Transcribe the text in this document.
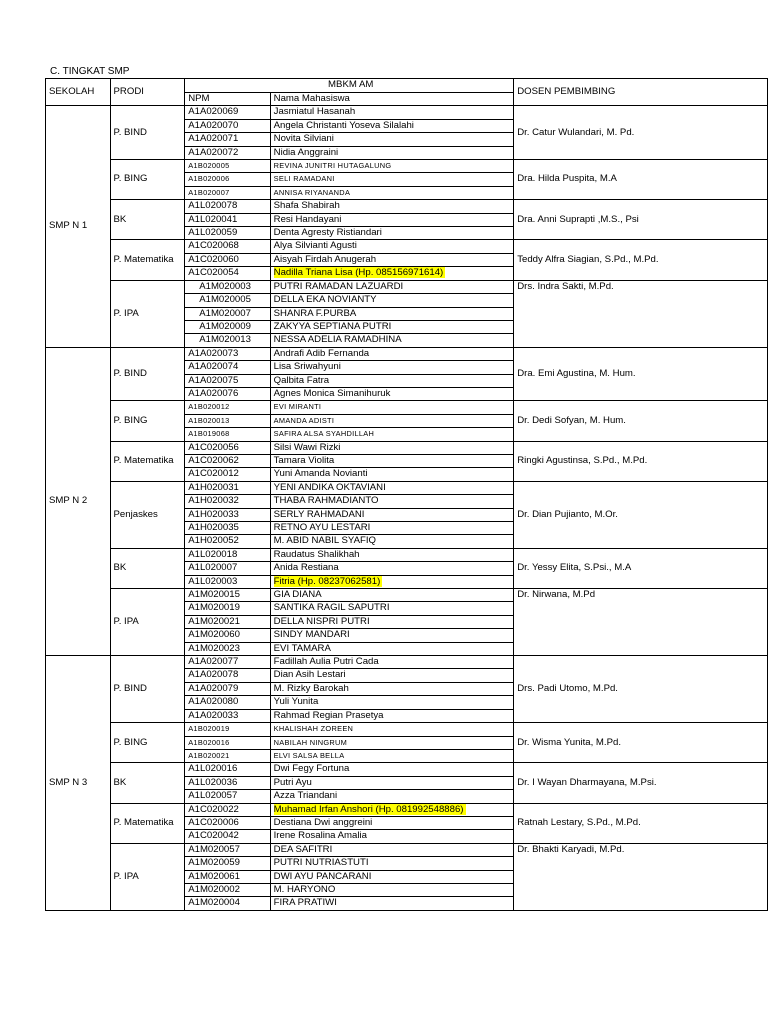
C. TINGKAT SMP
SEKOLAH	PRODI	MBKM AM		DOSEN PEMBIMBING
		NPM	Nama Mahasiswa	
SMP N 1	P. BIND	A1A020069	Jasmiatul Hasanah	Dr. Catur Wulandari, M. Pd.
		A1A020070	Angela Christanti Yoseva Silalahi	
		A1A020071	Novita Silviani	
		A1A020072	Nidia Anggraini	
	P. BING	A1B020005	REVINA JUNITRI HUTAGALUNG	Dra. Hilda Puspita, M.A
		A1B020006	SELI RAMADANI	
		A1B020007	ANNISA RIYANANDA	
	BK	A1L020078	Shafa Shabirah	Dra. Anni Suprapti ,M.S., Psi
		A1L020041	Resi Handayani	
		A1L020059	Denta Agresty Ristiandari	
	P. Matematika	A1C020068	Alya Silvianti Agusti	Teddy Alfra Siagian, S.Pd., M.Pd.
		A1C020060	Aisyah Firdah Anugerah	
		A1C020054	Nadilla Triana Lisa (Hp. 085156971614)	
	P. IPA	A1M020003	PUTRI RAMADAN LAZUARDI	Drs. Indra Sakti, M.Pd.
		A1M020005	DELLA EKA NOVIANTY	
		A1M020007	SHANRA F.PURBA	
		A1M020009	ZAKYYA SEPTIANA PUTRI	
		A1M020013	NESSA ADELIA RAMADHINA	
SMP N 2	P. BIND	A1A020073	Andrafi Adib Fernanda	Dra. Emi Agustina, M. Hum.
		A1A020074	Lisa Sriwahyuni	
		A1A020075	Qalbita Fatra	
		A1A020076	Agnes Monica Simanihuruk	
	P. BING	A1B020012	EVI MIRANTI	Dr. Dedi Sofyan, M. Hum.
		A1B020013	AMANDA ADISTI	
		A1B019068	SAFIRA ALSA SYAHDILLAH	
	P. Matematika	A1C020056	Silsi Wawi Rizki	Ringki Agustinsa, S.Pd., M.Pd.
		A1C020062	Tamara Violita	
		A1C020012	Yuni Amanda Novianti	
	Penjaskes	A1H020031	YENI ANDIKA OKTAVIANI	Dr. Dian Pujianto, M.Or.
		A1H020032	THABA RAHMADIANTO	
		A1H020033	SERLY RAHMADANI	
		A1H020035	RETNO AYU LESTARI	
		A1H020052	M. ABID NABIL SYAFIQ	
	BK	A1L020018	Raudatus Shalikhah	Dr. Yessy Elita, S.Psi., M.A
		A1L020007	Anida Restiana	
		A1L020003	Fitria (Hp. 08237062581)	
	P. IPA	A1M020015	GIA DIANA	Dr. Nirwana, M.Pd
		A1M020019	SANTIKA RAGIL SAPUTRI	
		A1M020021	DELLA NISPRI PUTRI	
		A1M020060	SINDY MANDARI	
		A1M020023	EVI TAMARA	
SMP N 3	P. BIND	A1A020077	Fadillah Aulia Putri Cada	Drs. Padi Utomo, M.Pd.
		A1A020078	Dian Asih Lestari	
		A1A020079	M. Rizky Barokah	
		A1A020080	Yuli Yunita	
		A1A020033	Rahmad Regian Prasetya	
	P. BING	A1B020019	KHALISHAH ZOREEN	Dr. Wisma Yunita, M.Pd.
		A1B020016	NABILAH NINGRUM	
		A1B020021	ELVI SALSA BELLA	
	BK	A1L020016	Dwi Fegy Fortuna	Dr. I Wayan Dharmayana, M.Psi.
		A1L020036	Putri Ayu	
		A1L020057	Azza Triandani	
	P. Matematika	A1C020022	Muhamad Irfan Anshori (Hp. 081992548886)	Ratnah Lestary, S.Pd., M.Pd.
		A1C020006	Destiana Dwi anggreini	
		A1C020042	Irene Rosalina Amalia	
	P. IPA	A1M020057	DEA SAFITRI	Dr. Bhakti Karyadi, M.Pd.
		A1M020059	PUTRI NUTRIASTUTI	
		A1M020061	DWI AYU PANCARANI	
		A1M020002	M. HARYONO	
		A1M020004	FIRA PRATIWI	
